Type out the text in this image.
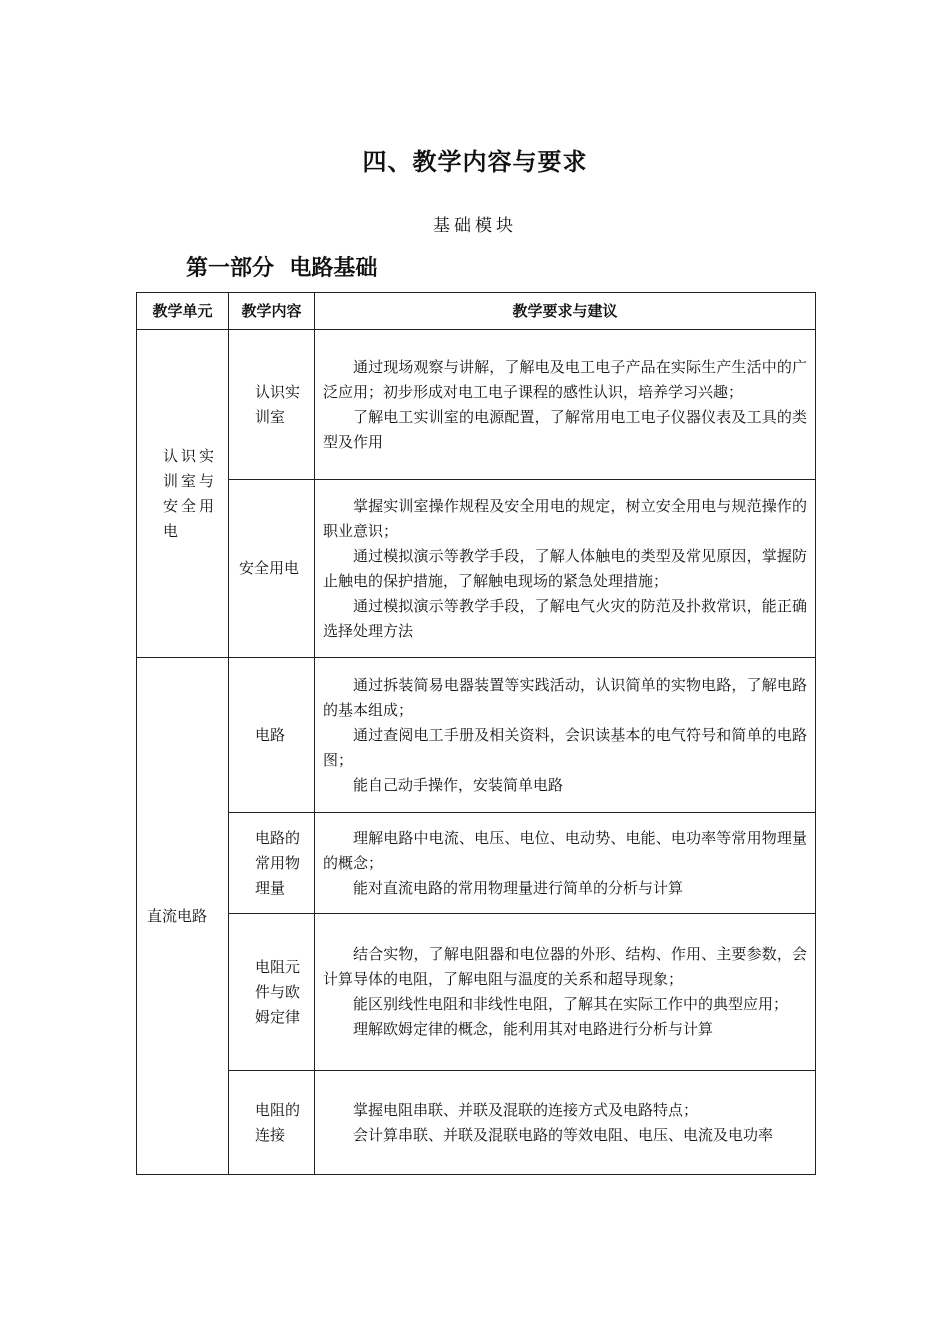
四、教学内容与要求
基础模块
第一部分  电路基础
教学单元	教学内容	教学要求与建议

认识实训室与安全用电	认识实训室	通过现场观察与讲解，了解电及电工电子产品在实际生产生活中的广泛应用；初步形成对电工电子课程的感性认识，培养学习兴趣；
了解电工实训室的电源配置，了解常用电工电子仪器仪表及工具的类型及作用

	安全用电	掌握实训室操作规程及安全用电的规定，树立安全用电与规范操作的职业意识；
通过模拟演示等教学手段，了解人体触电的类型及常见原因，掌握防止触电的保护措施，了解触电现场的紧急处理措施；
通过模拟演示等教学手段，了解电气火灾的防范及扑救常识，能正确选择处理方法

直流电路	电路	通过拆装简易电器装置等实践活动，认识简单的实物电路，了解电路的基本组成；
通过查阅电工手册及相关资料，会识读基本的电气符号和简单的电路图；
能自己动手操作，安装简单电路

	电路的常用物理量	理解电路中电流、电压、电位、电动势、电能、电功率等常用物理量的概念；
能对直流电路的常用物理量进行简单的分析与计算

	电阻元件与欧姆定律	结合实物，了解电阻器和电位器的外形、结构、作用、主要参数，会计算导体的电阻，了解电阻与温度的关系和超导现象；
能区别线性电阻和非线性电阻，了解其在实际工作中的典型应用；
理解欧姆定律的概念，能利用其对电路进行分析与计算

	电阻的连接	掌握电阻串联、并联及混联的连接方式及电路特点；
会计算串联、并联及混联电路的等效电阻、电压、电流及电功率
